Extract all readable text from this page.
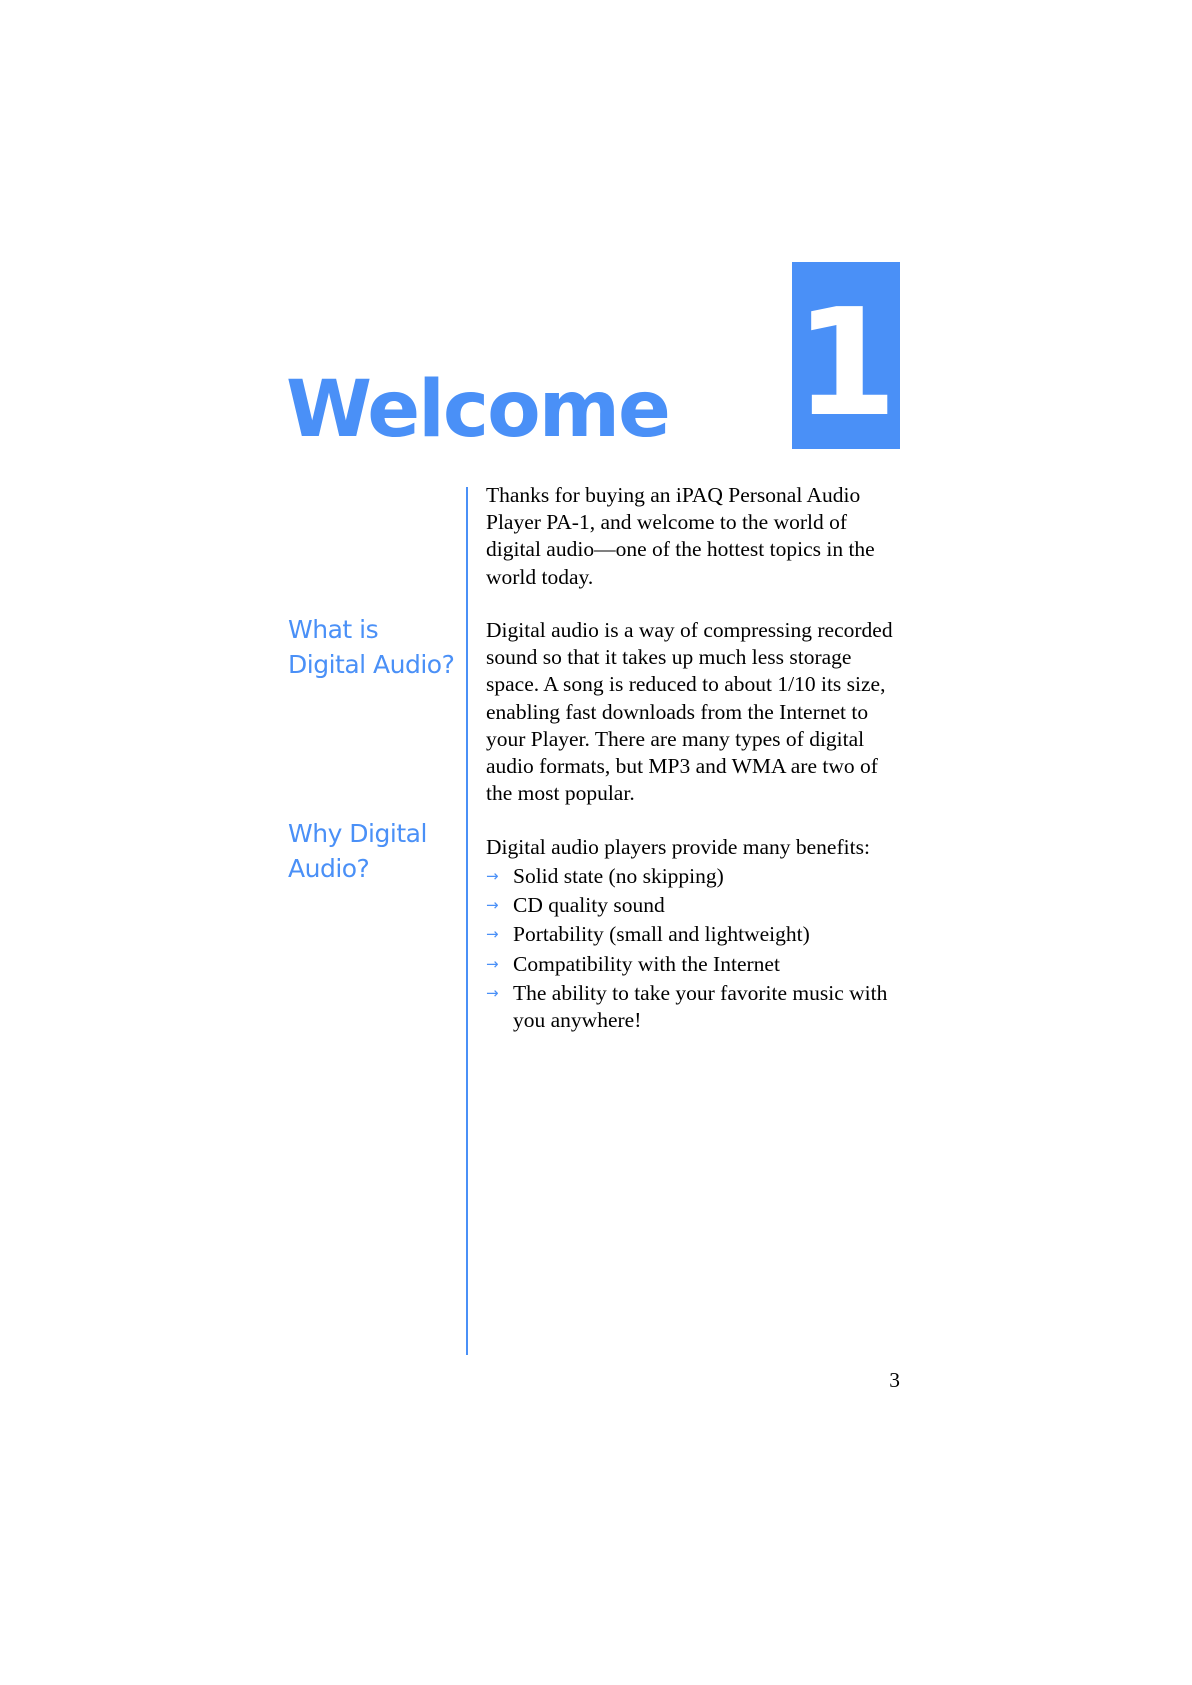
1
Welcome

Thanks for buying an iPAQ Personal Audio Player PA-1, and welcome to the world of digital audio—one of the hottest topics in the world today.

What is
Digital Audio?

Digital audio is a way of compressing recorded sound so that it takes up much less storage space. A song is reduced to about 1/10 its size, enabling fast downloads from the Internet to your Player. There are many types of digital audio formats, but MP3 and WMA are two of the most popular.

Why Digital
Audio?

Digital audio players provide many benefits:

→ Solid state (no skipping)
→ CD quality sound
→ Portability (small and lightweight)
→ Compatibility with the Internet
→ The ability to take your favorite music with you anywhere!
3
